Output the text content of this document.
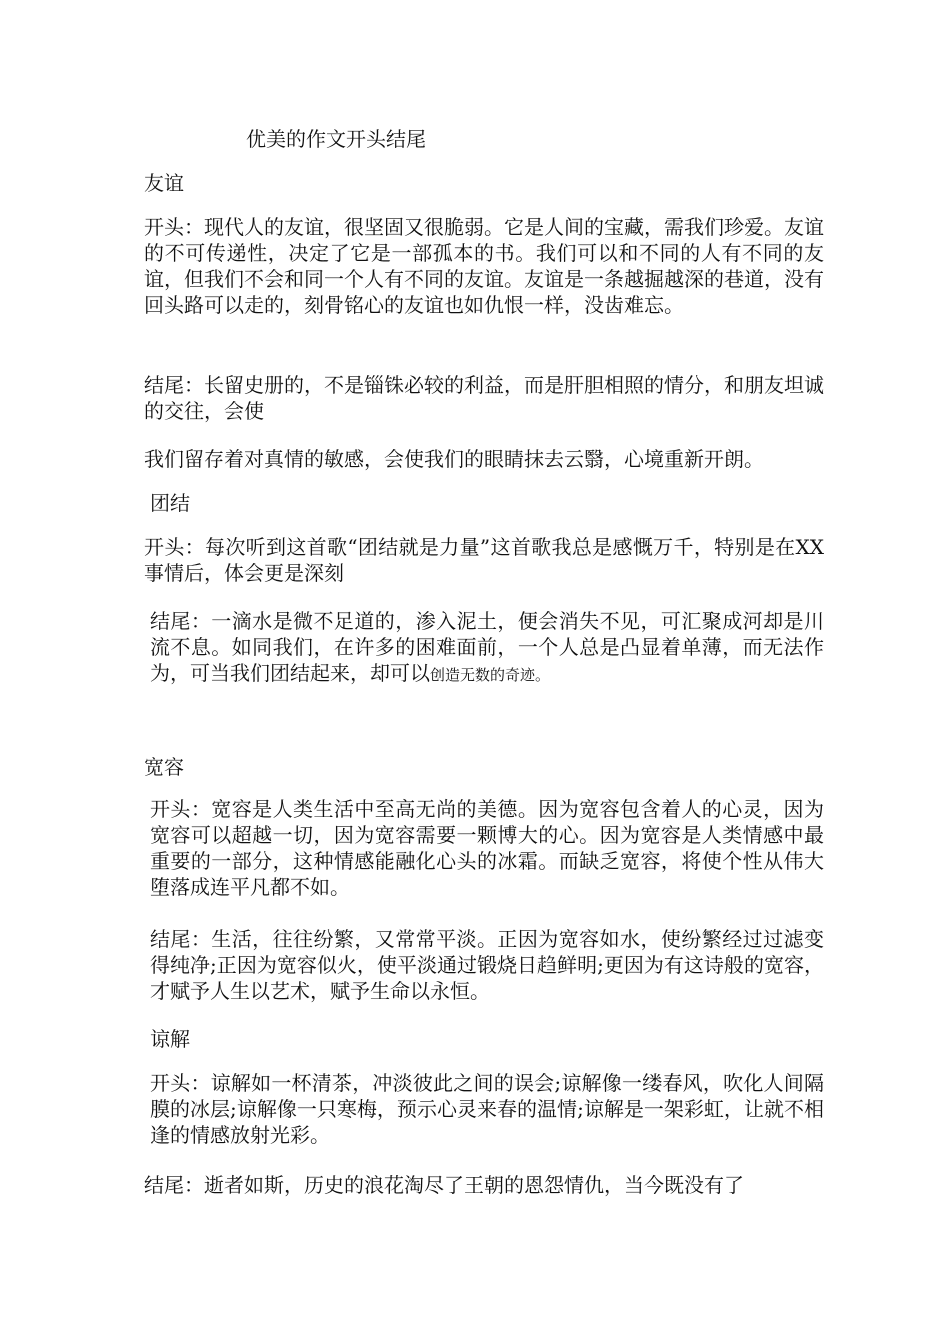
优美的作文开头结尾
友谊
开头：现代人的友谊，很坚固又很脆弱。它是人间的宝藏，需我们珍爱。友谊的不可传递性，决定了它是一部孤本的书。我们可以和不同的人有不同的友谊，但我们不会和同一个人有不同的友谊。友谊是一条越掘越深的巷道，没有回头路可以走的，刻骨铭心的友谊也如仇恨一样，没齿难忘。
结尾：长留史册的，不是锱铢必较的利益，而是肝胆相照的情分，和朋友坦诚的交往，会使
我们留存着对真情的敏感，会使我们的眼睛抹去云翳，心境重新开朗。
团结
开头：每次听到这首歌“团结就是力量”这首歌我总是感慨万千，特别是在XX事情后，体会更是深刻
结尾：一滴水是微不足道的，渗入泥土，便会消失不见，可汇聚成河却是川流不息。如同我们，在许多的困难面前，一个人总是凸显着单薄，而无法作为，可当我们团结起来，却可以创造无数的奇迹。
宽容
开头：宽容是人类生活中至高无尚的美德。因为宽容包含着人的心灵，因为宽容可以超越一切，因为宽容需要一颗博大的心。因为宽容是人类情感中最重要的一部分，这种情感能融化心头的冰霜。而缺乏宽容，将使个性从伟大堕落成连平凡都不如。
结尾：生活，往往纷繁，又常常平淡。正因为宽容如水，使纷繁经过过滤变得纯净;正因为宽容似火，使平淡通过锻烧日趋鲜明;更因为有这诗般的宽容，才赋予人生以艺术，赋予生命以永恒。
谅解
开头：谅解如一杯清茶，冲淡彼此之间的误会;谅解像一缕春风，吹化人间隔膜的冰层;谅解像一只寒梅，预示心灵来春的温情;谅解是一架彩虹，让就不相逢的情感放射光彩。
结尾：逝者如斯，历史的浪花淘尽了王朝的恩怨情仇，当今既没有了
